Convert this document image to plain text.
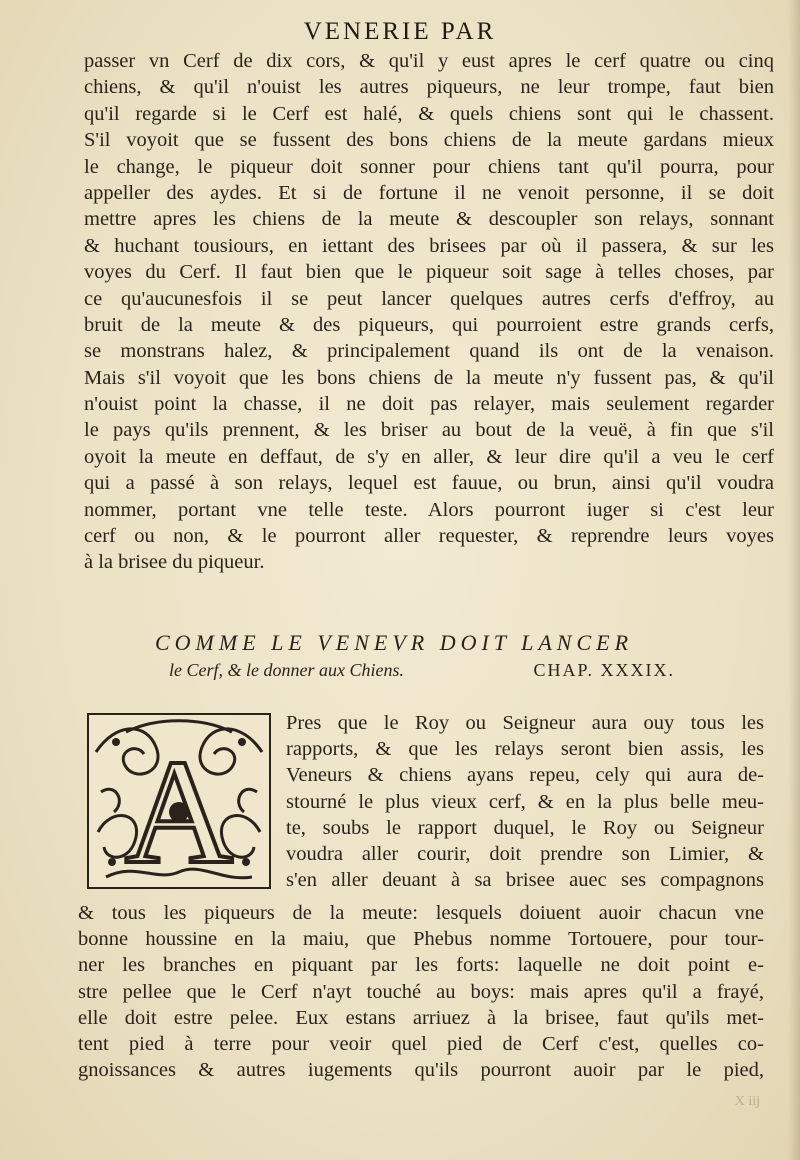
VENERIE PAR
passer vn Cerf de dix cors, & qu'il y eust apres le cerf quatre ou cinq
chiens, & qu'il n'ouist les autres piqueurs, ne leur trompe, faut bien
qu'il regarde si le Cerf est halé, & quels chiens sont qui le chassent.
S'il voyoit que se fussent des bons chiens de la meute gardans mieux
le change, le piqueur doit sonner pour chiens tant qu'il pourra, pour
appeller des aydes. Et si de fortune il ne venoit personne, il se doit
mettre apres les chiens de la meute & descoupler son relays, sonnant
& huchant tousiours, en iettant des brisees par où il passera, & sur les
voyes du Cerf. Il faut bien que le piqueur soit sage à telles choses, par
ce qu'aucunesfois il se peut lancer quelques autres cerfs d'effroy, au
bruit de la meute & des piqueurs, qui pourroient estre grands cerfs,
se monstrans halez, & principalement quand ils ont de la venaison.
Mais s'il voyoit que les bons chiens de la meute n'y fussent pas, & qu'il
n'ouist point la chasse, il ne doit pas relayer, mais seulement regarder
le pays qu'ils prennent, & les briser au bout de la veuë, à fin que s'il
oyoit la meute en deffaut, de s'y en aller, & leur dire qu'il a veu le cerf
qui a passé à son relays, lequel est fauue, ou brun, ainsi qu'il voudra
nommer, portant vne telle teste. Alors pourront iuger si c'est leur
cerf ou non, & le pourront aller requester, & reprendre leurs voyes
à la brisee du piqueur.
COMME LE VENEVR DOIT LANCER
le Cerf, & le donner aux Chiens.	CHAP. XXXIX.
A
Pres que le Roy ou Seigneur aura ouy tous les
rapports, & que les relays seront bien assis, les
Veneurs & chiens ayans repeu, cely qui aura de-
stourné le plus vieux cerf, & en la plus belle meu-
te, soubs le rapport duquel, le Roy ou Seigneur
voudra aller courir, doit prendre son Limier, &
s'en aller deuant à sa brisee auec ses compagnons
& tous les piqueurs de la meute: lesquels doiuent auoir chacun vne
bonne houssine en la maiu, que Phebus nomme Tortouere, pour tour-
ner les branches en piquant par les forts: laquelle ne doit point e-
stre pellee que le Cerf n'ayt touché au boys: mais apres qu'il a frayé,
elle doit estre pelee. Eux estans arriuez à la brisee, faut qu'ils met-
tent pied à terre pour veoir quel pied de Cerf c'est, quelles co-
gnoissances & autres iugements qu'ils pourront auoir par le pied,
X iij
